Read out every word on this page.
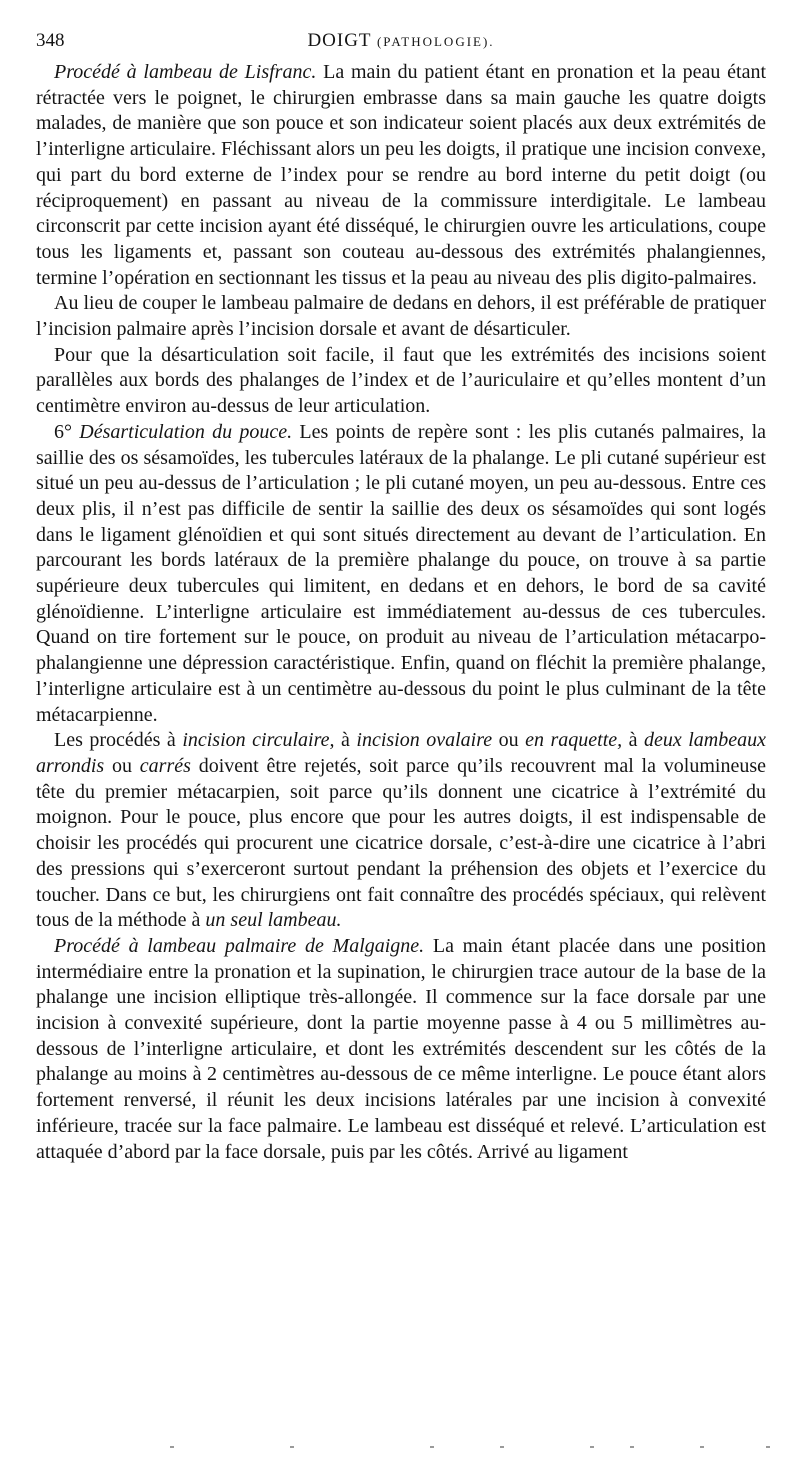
348	DOIGT (PATHOLOGIE).

Procédé à lambeau de Lisfranc. La main du patient étant en pronation et la peau étant rétractée vers le poignet, le chirurgien embrasse dans sa main gauche les quatre doigts malades, de manière que son pouce et son indicateur soient placés aux deux extrémités de l’interligne articulaire. Fléchissant alors un peu les doigts, il pratique une incision convexe, qui part du bord externe de l’index pour se rendre au bord interne du petit doigt (ou réciproquement) en passant au niveau de la commissure interdigitale. Le lambeau circonscrit par cette incision ayant été disséqué, le chirurgien ouvre les articulations, coupe tous les ligaments et, passant son couteau au-dessous des extrémités phalangiennes, termine l’opération en sectionnant les tissus et la peau au niveau des plis digito-palmaires.

Au lieu de couper le lambeau palmaire de dedans en dehors, il est préférable de pratiquer l’incision palmaire après l’incision dorsale et avant de désarticuler.

Pour que la désarticulation soit facile, il faut que les extrémités des incisions soient parallèles aux bords des phalanges de l’index et de l’auriculaire et qu’elles montent d’un centimètre environ au-dessus de leur articulation.

6° Désarticulation du pouce. Les points de repère sont : les plis cutanés palmaires, la saillie des os sésamoïdes, les tubercules latéraux de la phalange. Le pli cutané supérieur est situé un peu au-dessus de l’articulation ; le pli cutané moyen, un peu au-dessous. Entre ces deux plis, il n’est pas difficile de sentir la saillie des deux os sésamoïdes qui sont logés dans le ligament glénoïdien et qui sont situés directement au devant de l’articulation. En parcourant les bords latéraux de la première phalange du pouce, on trouve à sa partie supérieure deux tubercules qui limitent, en dedans et en dehors, le bord de sa cavité glénoïdienne. L’interligne articulaire est immédiatement au-dessus de ces tubercules. Quand on tire fortement sur le pouce, on produit au niveau de l’articulation métacarpo-phalangienne une dépression caractéristique. Enfin, quand on fléchit la première phalange, l’interligne articulaire est à un centimètre au-dessous du point le plus culminant de la tête métacarpienne.

Les procédés à incision circulaire, à incision ovalaire ou en raquette, à deux lambeaux arrondis ou carrés doivent être rejetés, soit parce qu’ils recouvrent mal la volumineuse tête du premier métacarpien, soit parce qu’ils donnent une cicatrice à l’extrémité du moignon. Pour le pouce, plus encore que pour les autres doigts, il est indispensable de choisir les procédés qui procurent une cicatrice dorsale, c’est-à-dire une cicatrice à l’abri des pressions qui s’exerceront surtout pendant la préhension des objets et l’exercice du toucher. Dans ce but, les chirurgiens ont fait connaître des procédés spéciaux, qui relèvent tous de la méthode à un seul lambeau.

Procédé à lambeau palmaire de Malgaigne. La main étant placée dans une position intermédiaire entre la pronation et la supination, le chirurgien trace autour de la base de la phalange une incision elliptique très-allongée. Il commence sur la face dorsale par une incision à convexité supérieure, dont la partie moyenne passe à 4 ou 5 millimètres au-dessous de l’interligne articulaire, et dont les extrémités descendent sur les côtés de la phalange au moins à 2 centimètres au-dessous de ce même interligne. Le pouce étant alors fortement renversé, il réunit les deux incisions latérales par une incision à convexité inférieure, tracée sur la face palmaire. Le lambeau est disséqué et relevé. L’articulation est attaquée d’abord par la face dorsale, puis par les côtés. Arrivé au ligament
